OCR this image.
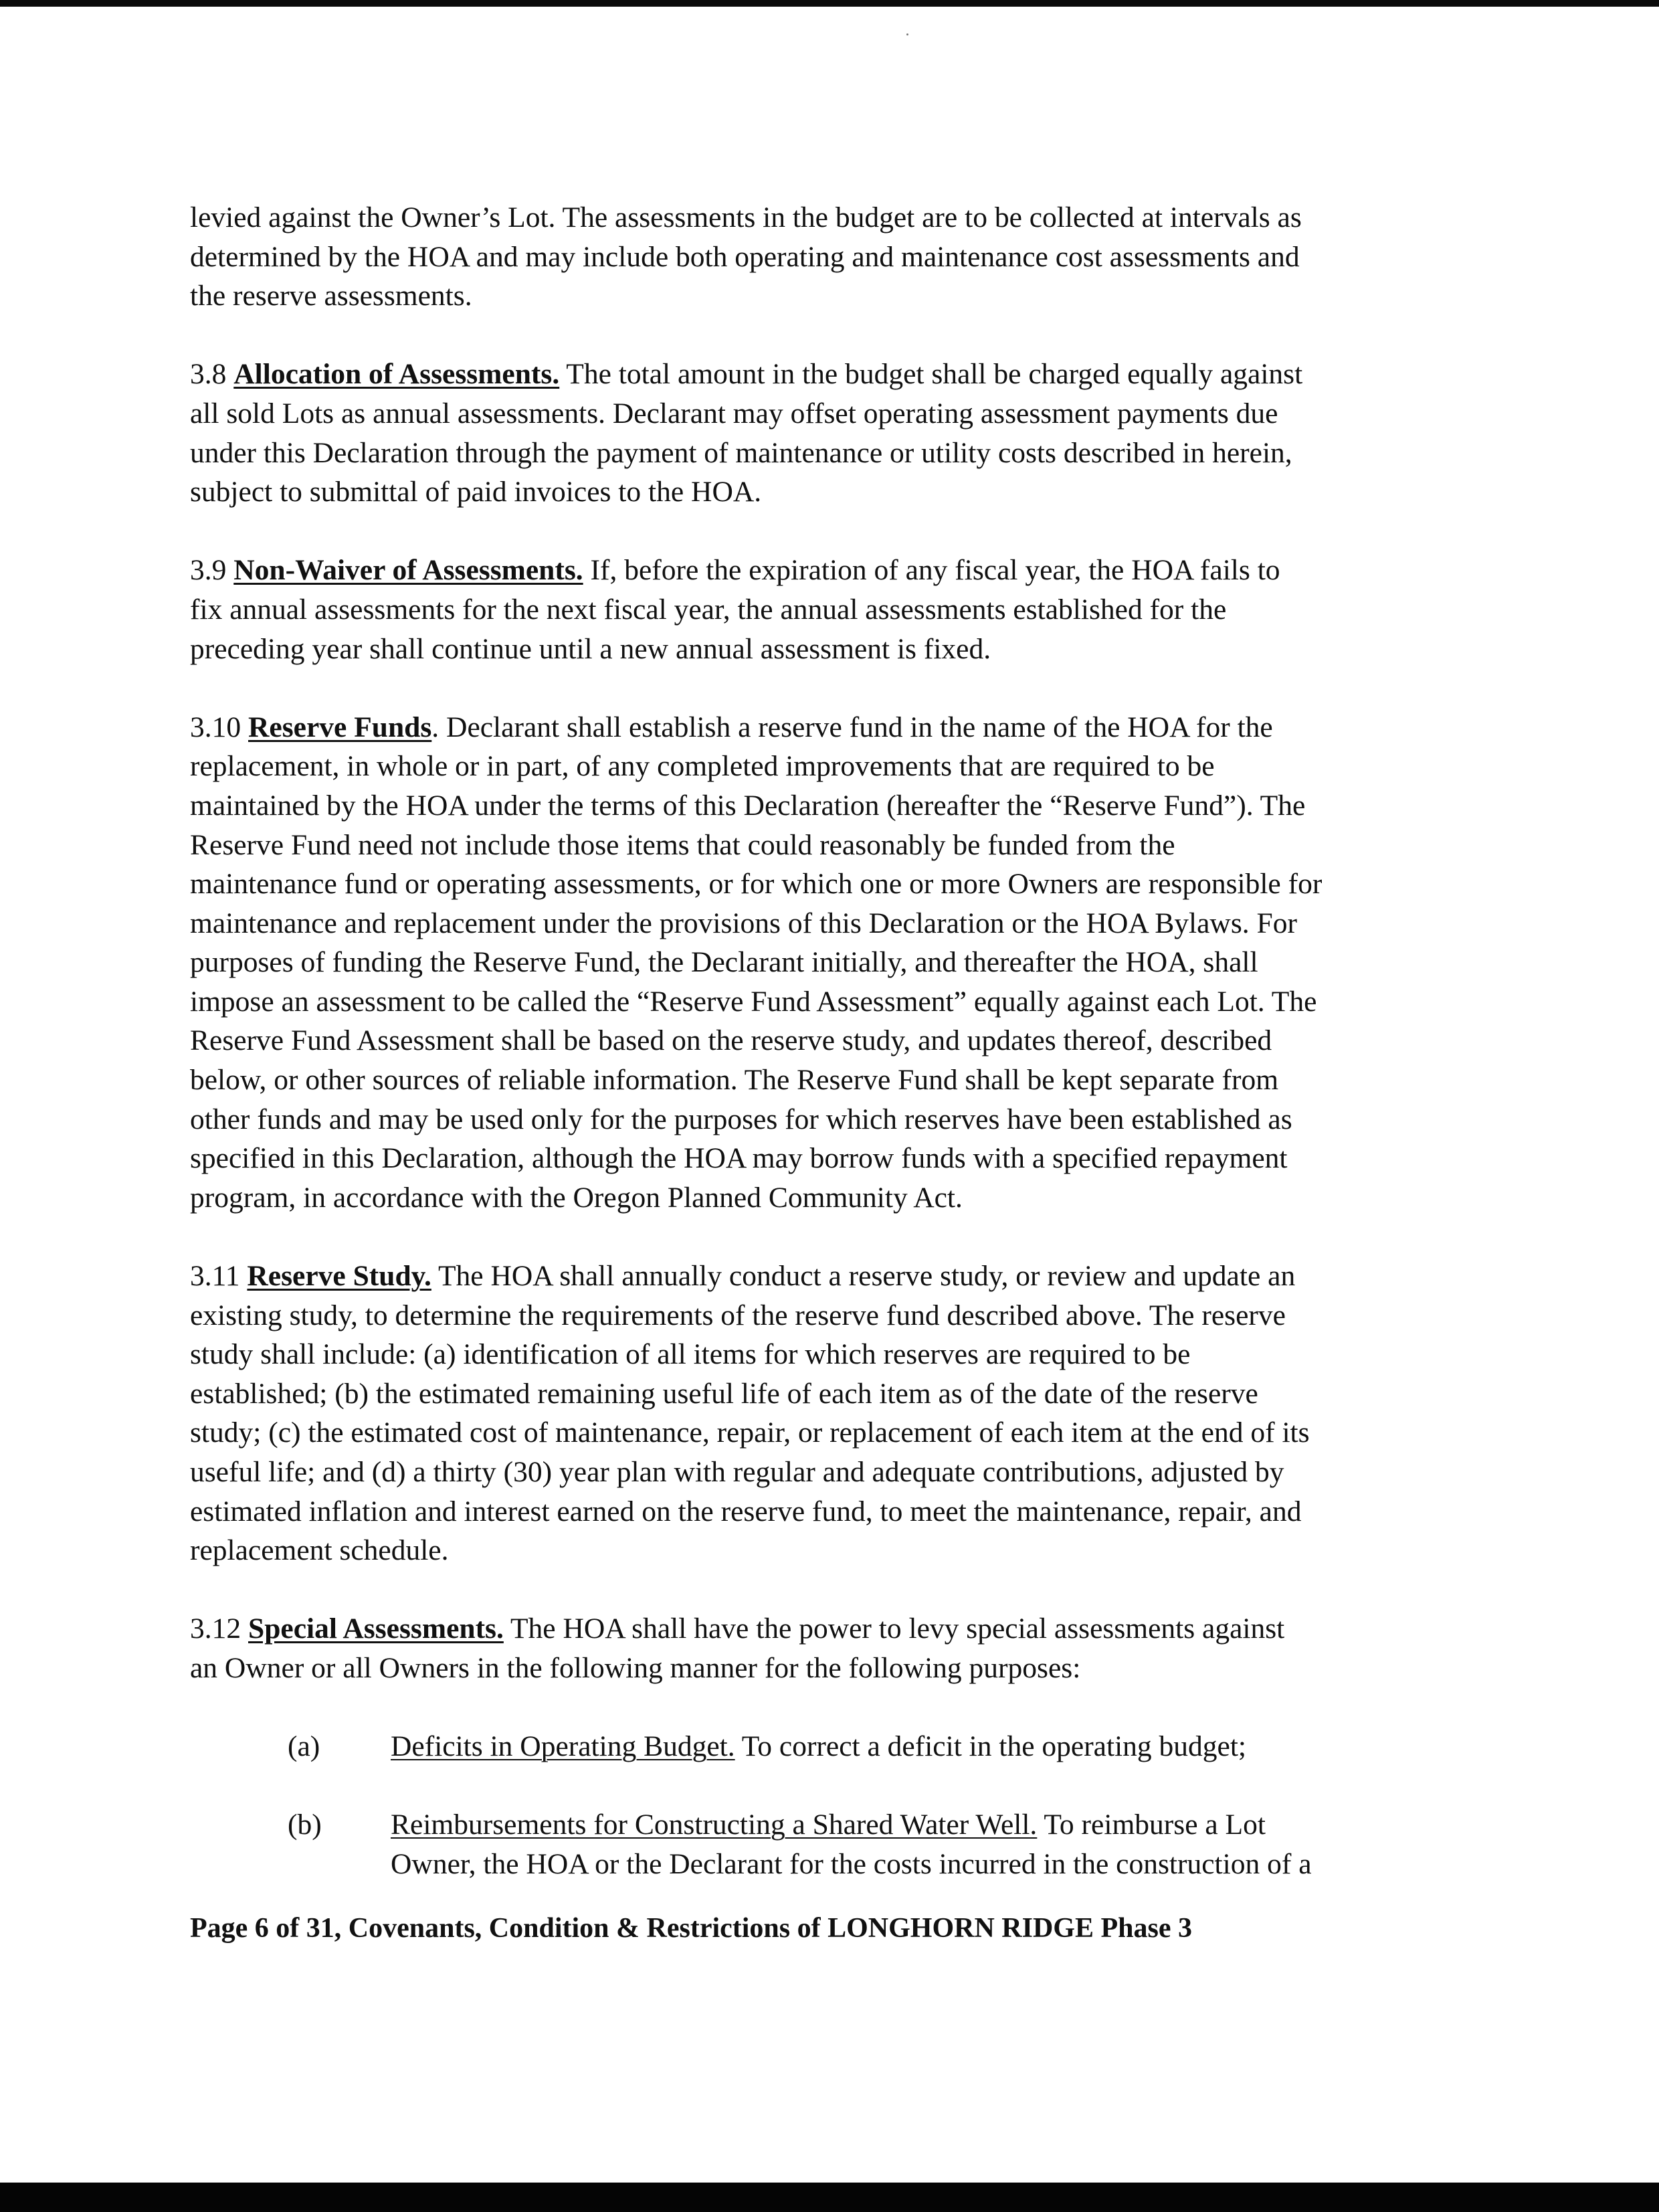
levied against the Owner’s Lot. The assessments in the budget are to be collected at intervals as
determined by the HOA and may include both operating and maintenance cost assessments and
the reserve assessments.

3.8 Allocation of Assessments. The total amount in the budget shall be charged equally against
all sold Lots as annual assessments. Declarant may offset operating assessment payments due
under this Declaration through the payment of maintenance or utility costs described in herein,
subject to submittal of paid invoices to the HOA.

3.9 Non-Waiver of Assessments. If, before the expiration of any fiscal year, the HOA fails to
fix annual assessments for the next fiscal year, the annual assessments established for the
preceding year shall continue until a new annual assessment is fixed.

3.10 Reserve Funds. Declarant shall establish a reserve fund in the name of the HOA for the
replacement, in whole or in part, of any completed improvements that are required to be
maintained by the HOA under the terms of this Declaration (hereafter the “Reserve Fund”). The
Reserve Fund need not include those items that could reasonably be funded from the
maintenance fund or operating assessments, or for which one or more Owners are responsible for
maintenance and replacement under the provisions of this Declaration or the HOA Bylaws. For
purposes of funding the Reserve Fund, the Declarant initially, and thereafter the HOA, shall
impose an assessment to be called the “Reserve Fund Assessment” equally against each Lot. The
Reserve Fund Assessment shall be based on the reserve study, and updates thereof, described
below, or other sources of reliable information. The Reserve Fund shall be kept separate from
other funds and may be used only for the purposes for which reserves have been established as
specified in this Declaration, although the HOA may borrow funds with a specified repayment
program, in accordance with the Oregon Planned Community Act.

3.11 Reserve Study. The HOA shall annually conduct a reserve study, or review and update an
existing study, to determine the requirements of the reserve fund described above. The reserve
study shall include: (a) identification of all items for which reserves are required to be
established; (b) the estimated remaining useful life of each item as of the date of the reserve
study; (c) the estimated cost of maintenance, repair, or replacement of each item at the end of its
useful life; and (d) a thirty (30) year plan with regular and adequate contributions, adjusted by
estimated inflation and interest earned on the reserve fund, to meet the maintenance, repair, and
replacement schedule.

3.12 Special Assessments. The HOA shall have the power to levy special assessments against
an Owner or all Owners in the following manner for the following purposes:

(a) Deficits in Operating Budget. To correct a deficit in the operating budget;
(b) Reimbursements for Constructing a Shared Water Well. To reimburse a Lot
Owner, the HOA or the Declarant for the costs incurred in the construction of a
Page 6 of 31, Covenants, Condition & Restrictions of LONGHORN RIDGE Phase 3
